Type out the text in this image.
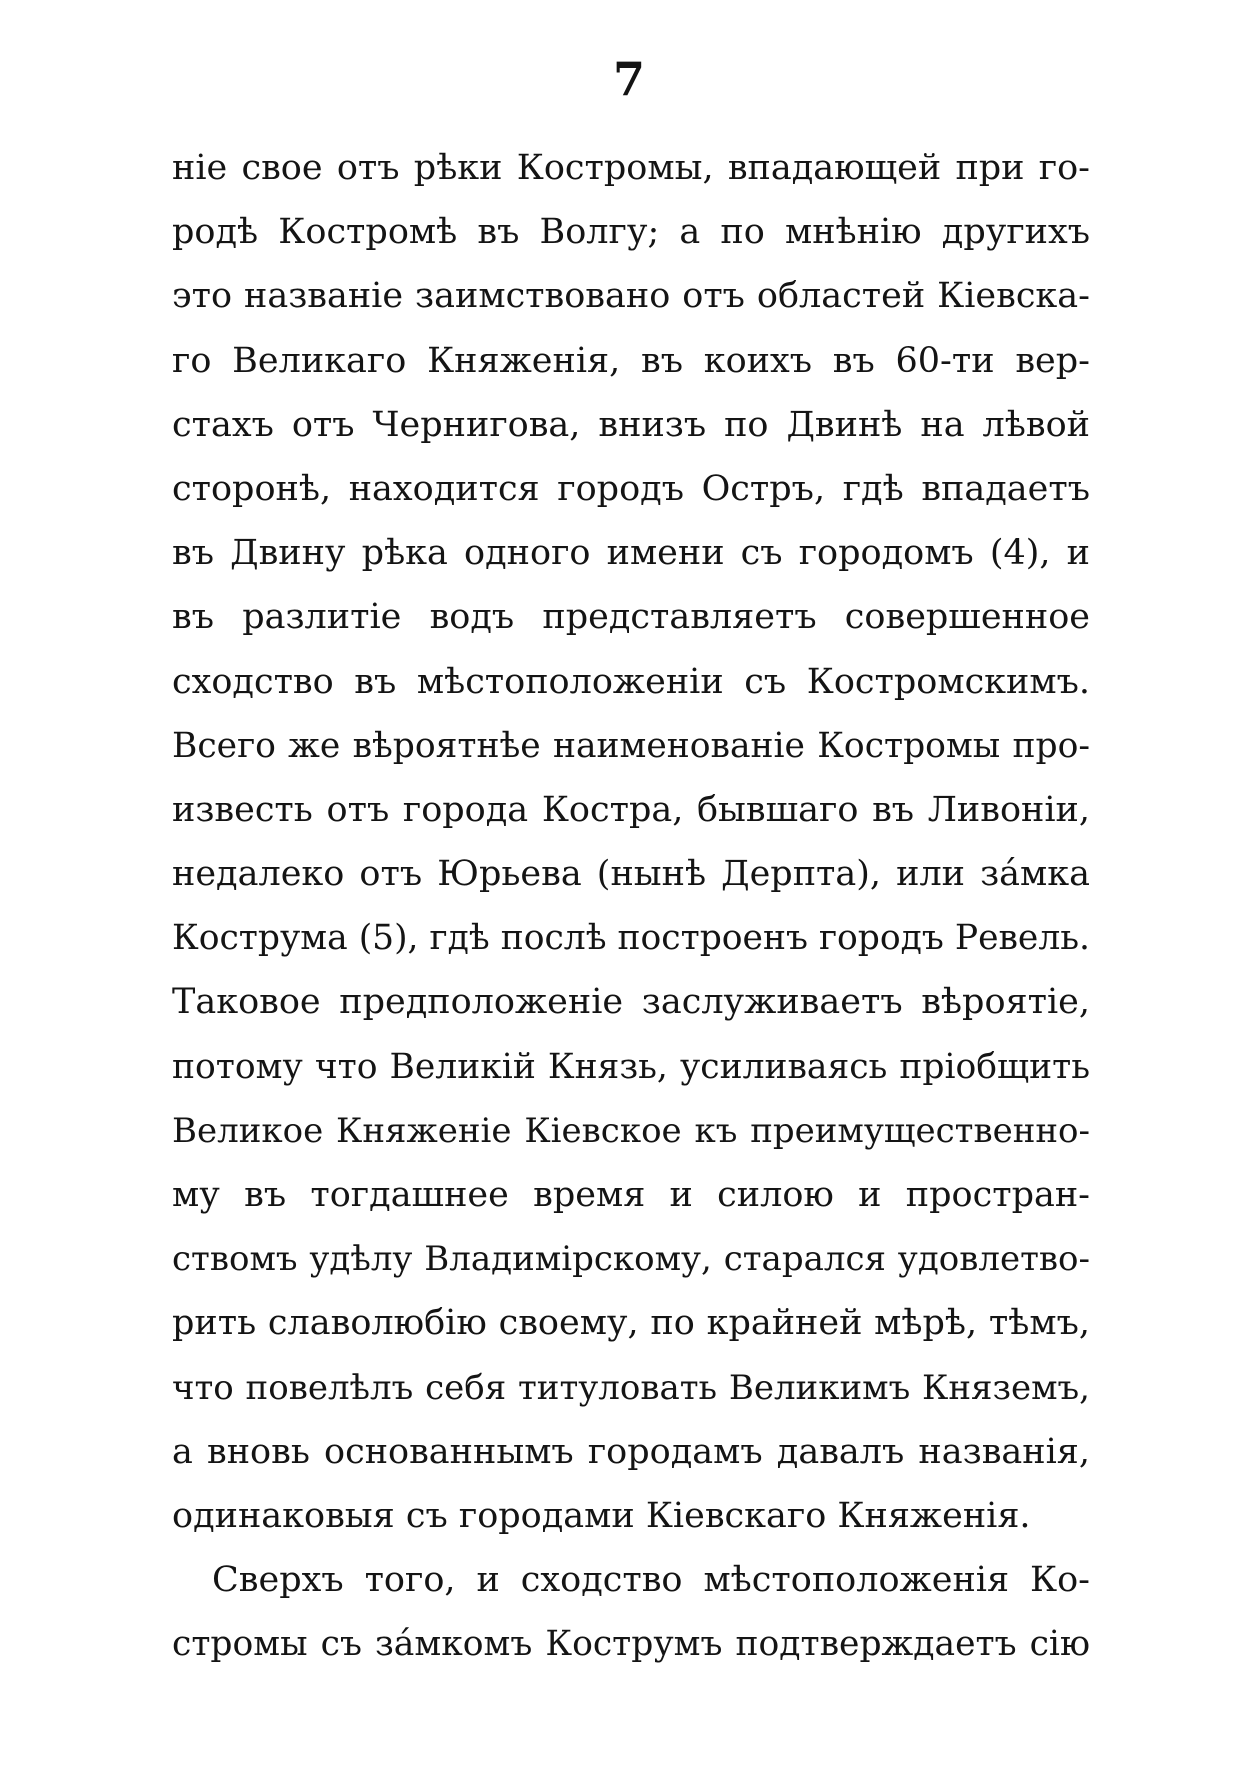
7
ніе свое отъ рѣки Костромы, впадающей при го-
родѣ Костромѣ въ Волгу; а по мнѣнію другихъ
это названіе заимствовано отъ областей Кіевска-
го Великаго Княженія, въ коихъ въ 60-ти вер-
стахъ отъ Чернигова, внизъ по Двинѣ на лѣвой
сторонѣ, находится городъ Остръ, гдѣ впадаетъ
въ Двину рѣка одного имени съ городомъ (4), и
въ разлитіе водъ представляетъ совершенное
сходство въ мѣстоположеніи съ Костромскимъ.
Всего же вѣроятнѣе наименованіе Костромы про-
известь отъ города Костра, бывшаго въ Ливоніи,
недалеко отъ Юрьева (нынѣ Дерпта), или за́мка
Кострума (5), гдѣ послѣ построенъ городъ Ревель.
Таковое предположеніе заслуживаетъ вѣроятіе,
потому что Великій Князь, усиливаясь пріобщить
Великое Княженіе Кіевское къ преимущественно-
му въ тогдашнее время и силою и простран-
ствомъ удѣлу Владимірскому, старался удовлетво-
рить славолюбію своему, по крайней мѣрѣ, тѣмъ,
что повелѣлъ себя титуловать Великимъ Княземъ,
а вновь основаннымъ городамъ давалъ названія,
одинаковыя съ городами Кіевскаго Княженія.
Сверхъ того, и сходство мѣстоположенія Ко-
стромы съ за́мкомъ Кострумъ подтверждаетъ сію
